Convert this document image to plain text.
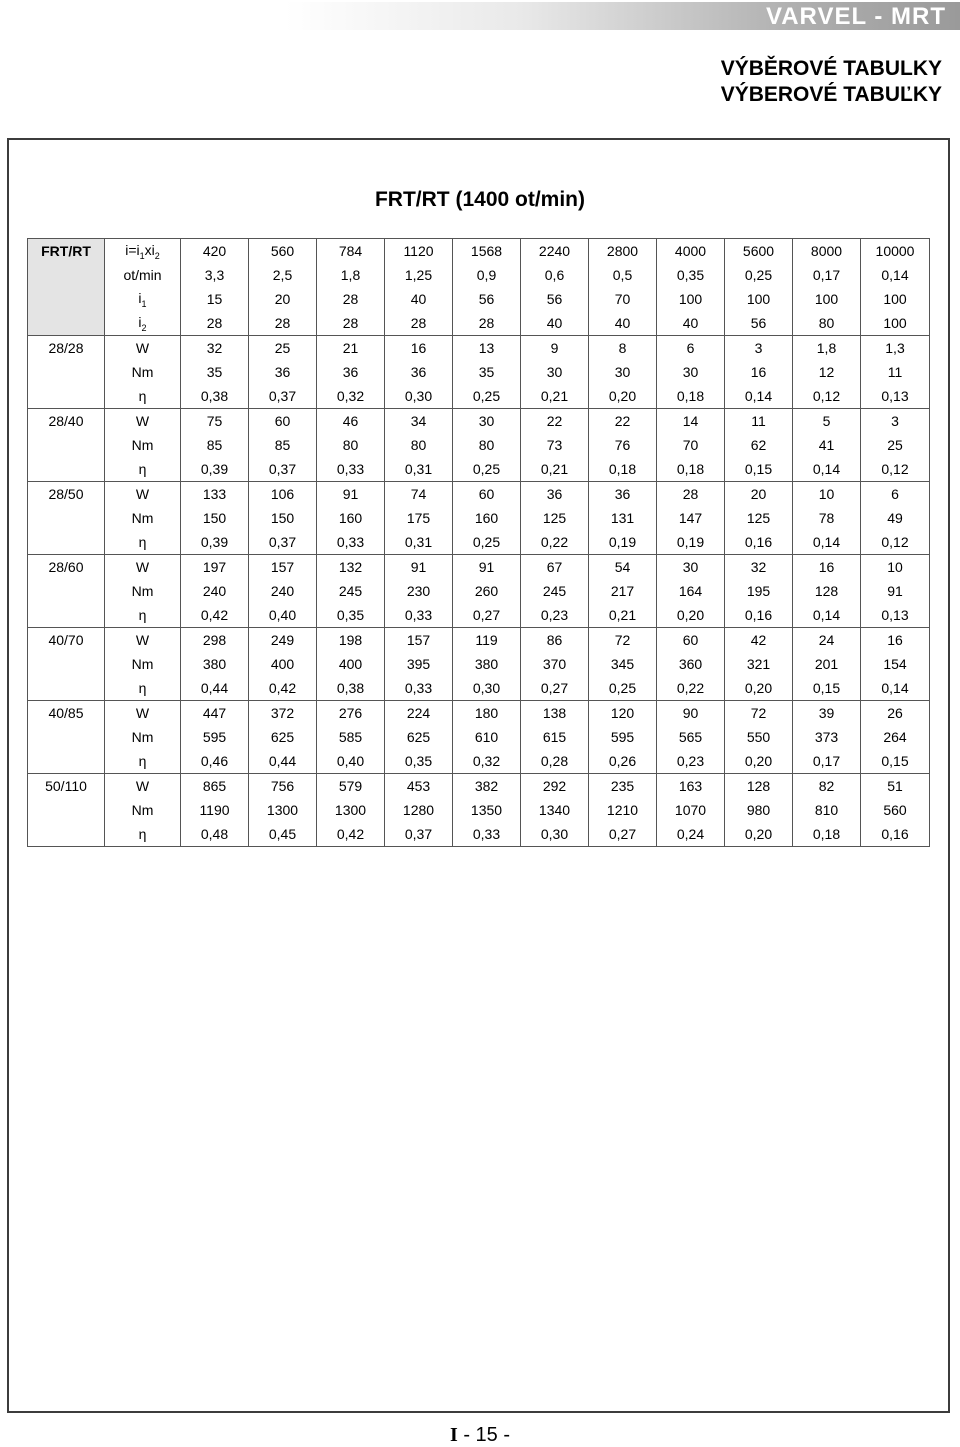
VARVEL - MRT
VÝBĚROVÉ TABULKY
VÝBEROVÉ TABUĽKY
FRT/RT (1400 ot/min)
FRT/RT	$i=i_1xi_2$	420	560	784	1120	1568	2240	2800	4000	5600	8000	10000
	ot/min	3,3	2,5	1,8	1,25	0,9	0,6	0,5	0,35	0,25	0,17	0,14
	$i_1$	15	20	28	40	56	56	70	100	100	100	100
	$i_2$	28	28	28	28	28	40	40	40	56	80	100
28/28	W	32	25	21	16	13	9	8	6	3	1,8	1,3
	Nm	35	36	36	36	35	30	30	30	16	12	11
	η	0,38	0,37	0,32	0,30	0,25	0,21	0,20	0,18	0,14	0,12	0,13
28/40	W	75	60	46	34	30	22	22	14	11	5	3
	Nm	85	85	80	80	80	73	76	70	62	41	25
	η	0,39	0,37	0,33	0,31	0,25	0,21	0,18	0,18	0,15	0,14	0,12
28/50	W	133	106	91	74	60	36	36	28	20	10	6
	Nm	150	150	160	175	160	125	131	147	125	78	49
	η	0,39	0,37	0,33	0,31	0,25	0,22	0,19	0,19	0,16	0,14	0,12
28/60	W	197	157	132	91	91	67	54	30	32	16	10
	Nm	240	240	245	230	260	245	217	164	195	128	91
	η	0,42	0,40	0,35	0,33	0,27	0,23	0,21	0,20	0,16	0,14	0,13
40/70	W	298	249	198	157	119	86	72	60	42	24	16
	Nm	380	400	400	395	380	370	345	360	321	201	154
	η	0,44	0,42	0,38	0,33	0,30	0,27	0,25	0,22	0,20	0,15	0,14
40/85	W	447	372	276	224	180	138	120	90	72	39	26
	Nm	595	625	585	625	610	615	595	565	550	373	264
	η	0,46	0,44	0,40	0,35	0,32	0,28	0,26	0,23	0,20	0,17	0,15
50/110	W	865	756	579	453	382	292	235	163	128	82	51
	Nm	1190	1300	1300	1280	1350	1340	1210	1070	980	810	560
	η	0,48	0,45	0,42	0,37	0,33	0,30	0,27	0,24	0,20	0,18	0,16
I - 15 -
